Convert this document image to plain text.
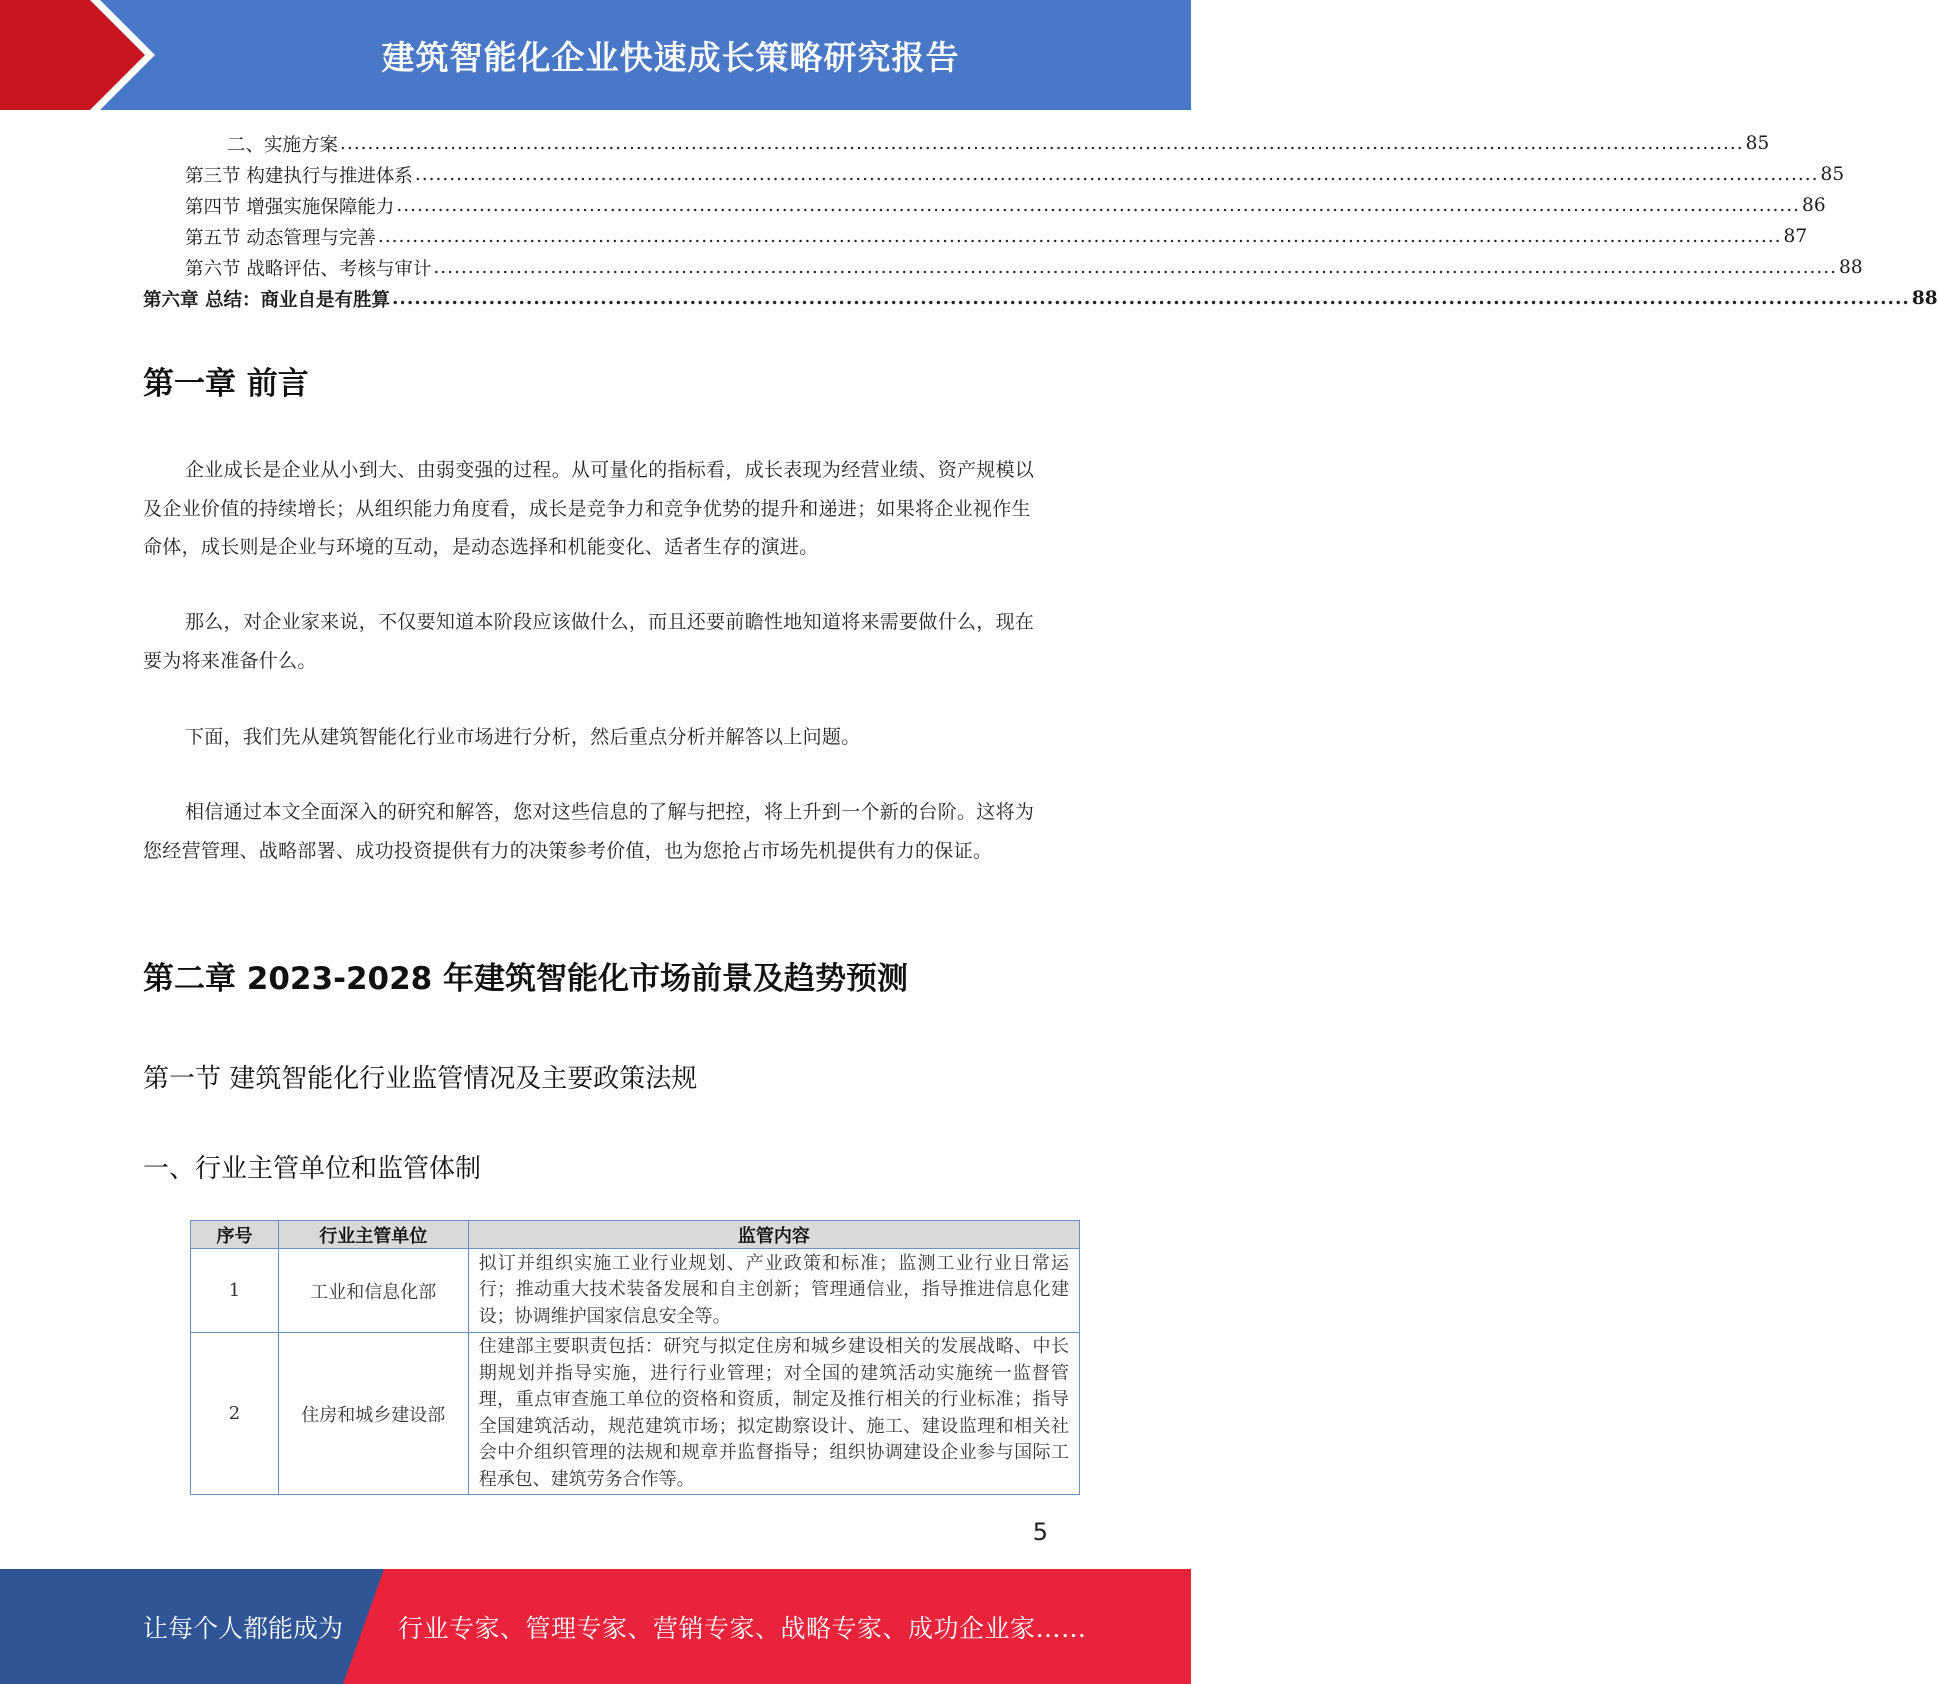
建筑智能化企业快速成长策略研究报告
二、实施方案 ............................................................................................................................................................................................................ 85
第三节 构建执行与推进体系 ............................................................................................................................................................................................................ 85
第四节 增强实施保障能力 ............................................................................................................................................................................................................ 86
第五节 动态管理与完善 ............................................................................................................................................................................................................ 87
第六节 战略评估、考核与审计 ............................................................................................................................................................................................................ 88
第六章 总结：商业自是有胜算 ............................................................................................................................................................................................................ 88
第一章 前言

企业成长是企业从小到大、由弱变强的过程。从可量化的指标看，成长表现为经营业绩、资产规模以及企业价值的持续增长；从组织能力角度看，成长是竞争力和竞争优势的提升和递进；如果将企业视作生命体，成长则是企业与环境的互动，是动态选择和机能变化、适者生存的演进。

那么，对企业家来说，不仅要知道本阶段应该做什么，而且还要前瞻性地知道将来需要做什么，现在要为将来准备什么。

下面，我们先从建筑智能化行业市场进行分析，然后重点分析并解答以上问题。

相信通过本文全面深入的研究和解答，您对这些信息的了解与把控，将上升到一个新的台阶。这将为您经营管理、战略部署、成功投资提供有力的决策参考价值，也为您抢占市场先机提供有力的保证。

第二章 2023-2028 年建筑智能化市场前景及趋势预测
第一节 建筑智能化行业监管情况及主要政策法规
一、行业主管单位和监管体制
序号	行业主管单位	监管内容
1	工业和信息化部	拟订并组织实施工业行业规划、产业政策和标准；监测工业行业日常运行；推动重大技术装备发展和自主创新；管理通信业，指导推进信息化建设；协调维护国家信息安全等。
2	住房和城乡建设部	住建部主要职责包括：研究与拟定住房和城乡建设相关的发展战略、中长期规划并指导实施，进行行业管理；对全国的建筑活动实施统一监督管理，重点审查施工单位的资格和资质，制定及推行相关的行业标准；指导全国建筑活动，规范建筑市场；拟定勘察设计、施工、建设监理和相关社会中介组织管理的法规和规章并监督指导；组织协调建设企业参与国际工程承包、建筑劳务合作等。
5
让每个人都能成为 行业专家、管理专家、营销专家、战略专家、成功企业家……
